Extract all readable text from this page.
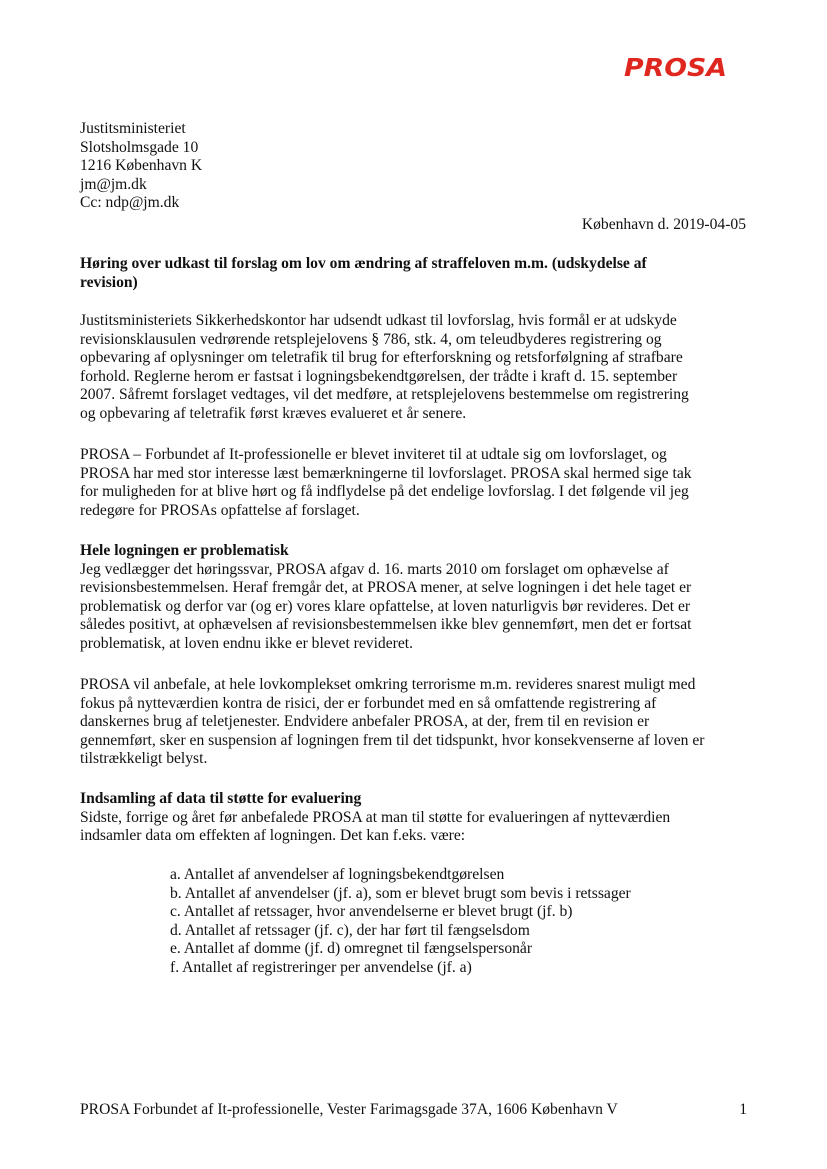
PROSA
Justitsministeriet
Slotsholmsgade 10
1216 København K
jm@jm.dk
Cc: ndp@jm.dk
København d. 2019-04-05
Høring over udkast til forslag om lov om ændring af straffeloven m.m. (udskydelse af
revision)

Justitsministeriets Sikkerhedskontor har udsendt udkast til lovforslag, hvis formål er at udskyde
revisionsklausulen vedrørende retsplejelovens § 786, stk. 4, om teleudbyderes registrering og
opbevaring af oplysninger om teletrafik til brug for efterforskning og retsforfølgning af strafbare
forhold. Reglerne herom er fastsat i logningsbekendtgørelsen, der trådte i kraft d. 15. september
2007. Såfremt forslaget vedtages, vil det medføre, at retsplejelovens bestemmelse om registrering
og opbevaring af teletrafik først kræves evalueret et år senere.

PROSA – Forbundet af It-professionelle er blevet inviteret til at udtale sig om lovforslaget, og
PROSA har med stor interesse læst bemærkningerne til lovforslaget. PROSA skal hermed sige tak
for muligheden for at blive hørt og få indflydelse på det endelige lovforslag. I det følgende vil jeg
redegøre for PROSAs opfattelse af forslaget.

Hele logningen er problematisk
Jeg vedlægger det høringssvar, PROSA afgav d. 16. marts 2010 om forslaget om ophævelse af
revisionsbestemmelsen. Heraf fremgår det, at PROSA mener, at selve logningen i det hele taget er
problematisk og derfor var (og er) vores klare opfattelse, at loven naturligvis bør revideres. Det er
således positivt, at ophævelsen af revisionsbestemmelsen ikke blev gennemført, men det er fortsat
problematisk, at loven endnu ikke er blevet revideret.

PROSA vil anbefale, at hele lovkomplekset omkring terrorisme m.m. revideres snarest muligt med
fokus på nytteværdien kontra de risici, der er forbundet med en så omfattende registrering af
danskernes brug af teletjenester. Endvidere anbefaler PROSA, at der, frem til en revision er
gennemført, sker en suspension af logningen frem til det tidspunkt, hvor konsekvenserne af loven er
tilstrækkeligt belyst.

Indsamling af data til støtte for evaluering
Sidste, forrige og året før anbefalede PROSA at man til støtte for evalueringen af nytteværdien
indsamler data om effekten af logningen. Det kan f.eks. være:
a. Antallet af anvendelser af logningsbekendtgørelsen
b. Antallet af anvendelser (jf. a), som er blevet brugt som bevis i retssager
c. Antallet af retssager, hvor anvendelserne er blevet brugt (jf. b)
d. Antallet af retssager (jf. c), der har ført til fængselsdom
e. Antallet af domme (jf. d) omregnet til fængselspersonår
f. Antallet af registreringer per anvendelse (jf. a)
PROSA Forbundet af It-professionelle, Vester Farimagsgade 37A, 1606 København V	1
